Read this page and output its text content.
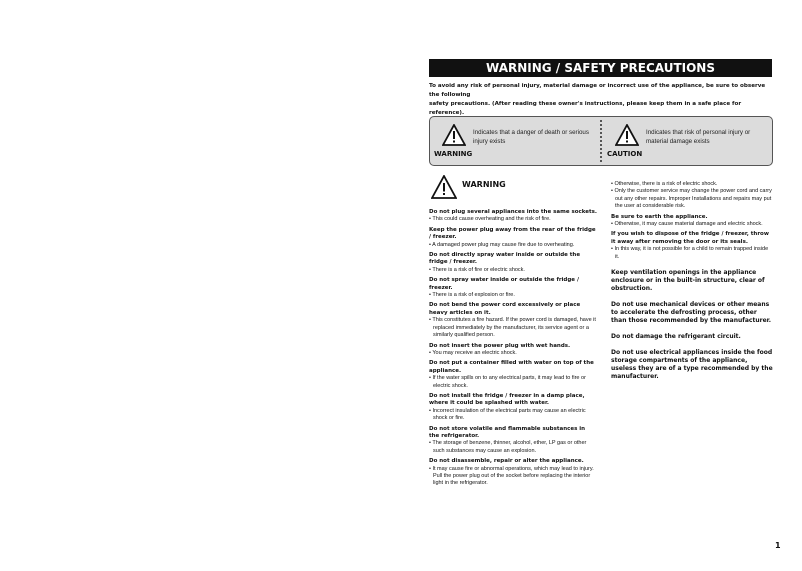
WARNING / SAFETY PRECAUTIONS

To avoid any risk of personal injury, material damage or incorrect use of the appliance, be sure to observe the following

safety precautions. (After reading these owner's instructions, please keep them in a safe place for reference).

WARNING
Indicates that a danger of death or serious injury exists
CAUTION
Indicates that risk of personal injury or material damage exists
WARNING
Do not plug several appliances into the same sockets.
• This could cause overheating and the risk of fire.
Keep the power plug away from the rear of the fridge / freezer.
• A damaged power plug may cause fire due to overheating.
Do not directly spray water inside or outside the fridge / freezer.
• There is a risk of fire or electric shock.
Do not spray water inside or outside the fridge / freezer.
• There is a risk of explosion or fire.
Do not bend the power cord excessively or place heavy articles on it.
• This constitutes a fire hazard. If the power cord is damaged, have it replaced immediately by the manufacturer, its service agent or a similarly qualified person.
Do not insert the power plug with wet hands.
• You may receive an electric shock.
Do not put a container filled with water on top of the appliance.
• If the water spills on to any electrical parts, it may lead to fire or electric shock.
Do not install the fridge / freezer in a damp place, where it could be splashed with water.
• Incorrect insulation of the electrical parts may cause an electric shock or fire.
Do not store volatile and flammable substances in the refrigerator.
• The storage of benzene, thinner, alcohol, ether, LP gas or other such substances may cause an explosion.
Do not disassemble, repair or alter the appliance.
• It may cause fire or abnormal operations, which may lead to injury.
Pull the power plug out of the socket before replacing the interior light in the refrigerator.
• Otherwise, there is a risk of electric shock.
• Only the customer service may change the power cord and carry out any other repairs. Improper Installations and repairs may put the user at considerable risk.
Be sure to earth the appliance.
• Otherwise, it may cause material damage and electric shock.
If you wish to dispose of the fridge / freezer, throw it away after removing the door or its seals.
• In this way, it is not possible for a child to remain trapped inside it.
Keep ventilation openings in the appliance enclosure or in the built-in structure, clear of obstruction.
Do not use mechanical devices or other means to accelerate the defrosting process, other than those recommended by the manufacturer.
Do not damage the refrigerant circuit.
Do not use electrical appliances inside the food storage compartments of the appliance, useless they are of a type recommended by the manufacturer.
1
